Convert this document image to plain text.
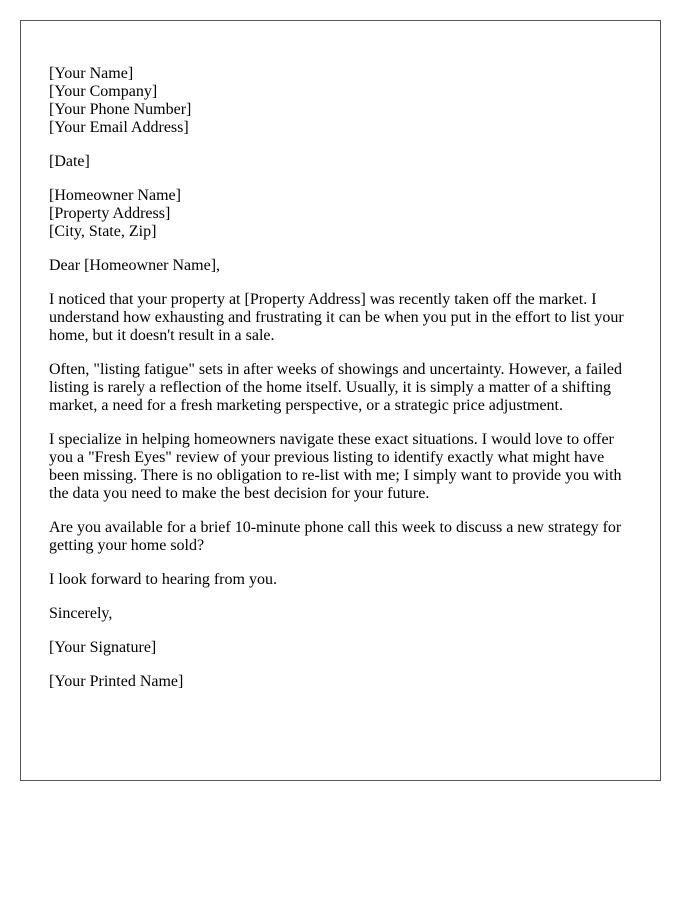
[Your Name]
[Your Company]
[Your Phone Number]
[Your Email Address]

[Date]

[Homeowner Name]
[Property Address]
[City, State, Zip]

Dear [Homeowner Name],

I noticed that your property at [Property Address] was recently taken off the market. I understand how exhausting and frustrating it can be when you put in the effort to list your home, but it doesn't result in a sale.

Often, "listing fatigue" sets in after weeks of showings and uncertainty. However, a failed listing is rarely a reflection of the home itself. Usually, it is simply a matter of a shifting market, a need for a fresh marketing perspective, or a strategic price adjustment.

I specialize in helping homeowners navigate these exact situations. I would love to offer you a "Fresh Eyes" review of your previous listing to identify exactly what might have been missing. There is no obligation to re-list with me; I simply want to provide you with the data you need to make the best decision for your future.

Are you available for a brief 10-minute phone call this week to discuss a new strategy for getting your home sold?

I look forward to hearing from you.

Sincerely,

[Your Signature]

[Your Printed Name]
